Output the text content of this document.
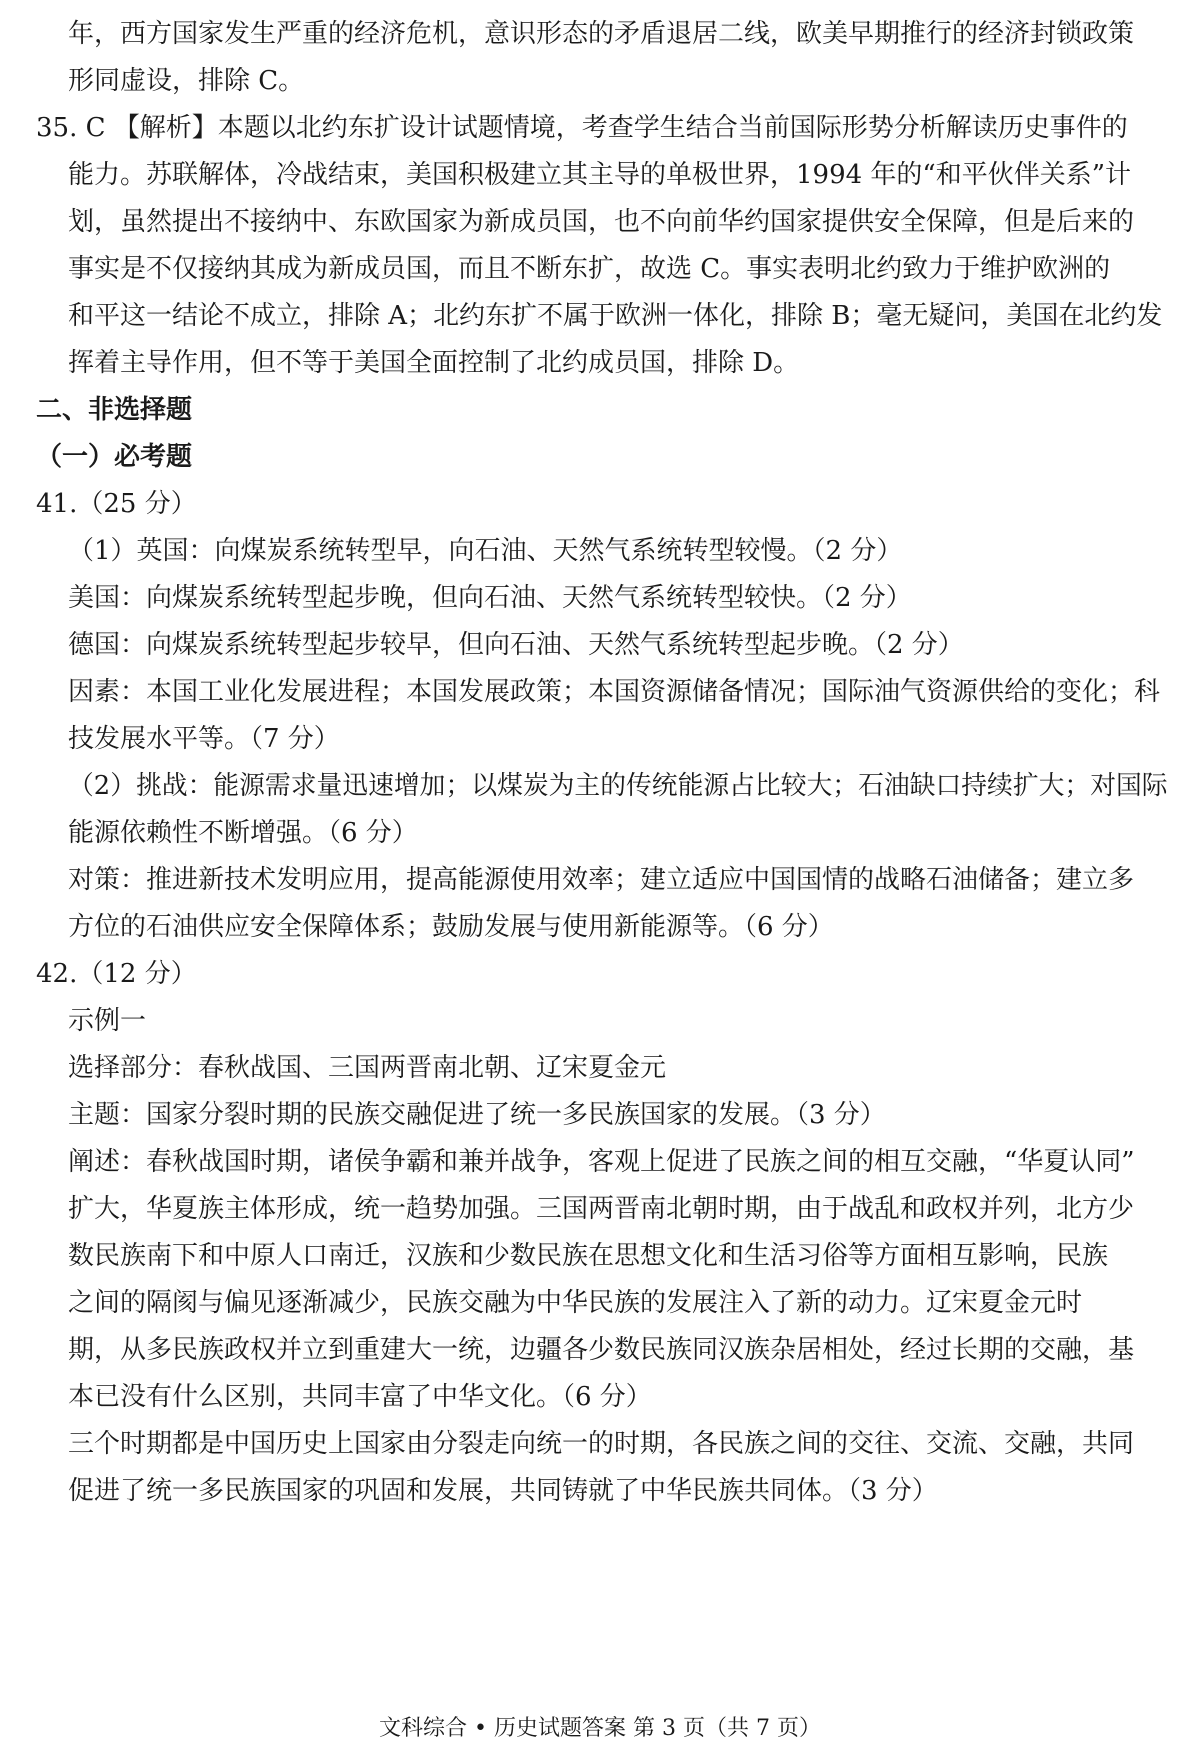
年，西方国家发生严重的经济危机，意识形态的矛盾退居二线，欧美早期推行的经济封锁政策
形同虚设，排除 C。
35. C 【解析】本题以北约东扩设计试题情境，考查学生结合当前国际形势分析解读历史事件的
能力。苏联解体，冷战结束，美国积极建立其主导的单极世界，1994 年的“和平伙伴关系”计
划，虽然提出不接纳中、东欧国家为新成员国，也不向前华约国家提供安全保障，但是后来的
事实是不仅接纳其成为新成员国，而且不断东扩，故选 C。事实表明北约致力于维护欧洲的
和平这一结论不成立，排除 A；北约东扩不属于欧洲一体化，排除 B；毫无疑问，美国在北约发
挥着主导作用，但不等于美国全面控制了北约成员国，排除 D。
二、非选择题
（一）必考题
41.（25 分）
（1）英国：向煤炭系统转型早，向石油、天然气系统转型较慢。（2 分）
美国：向煤炭系统转型起步晚，但向石油、天然气系统转型较快。（2 分）
德国：向煤炭系统转型起步较早，但向石油、天然气系统转型起步晚。（2 分）
因素：本国工业化发展进程；本国发展政策；本国资源储备情况；国际油气资源供给的变化；科
技发展水平等。（7 分）
（2）挑战：能源需求量迅速增加；以煤炭为主的传统能源占比较大；石油缺口持续扩大；对国际
能源依赖性不断增强。（6 分）
对策：推进新技术发明应用，提高能源使用效率；建立适应中国国情的战略石油储备；建立多
方位的石油供应安全保障体系；鼓励发展与使用新能源等。（6 分）
42.（12 分）
示例一
选择部分：春秋战国、三国两晋南北朝、辽宋夏金元
主题：国家分裂时期的民族交融促进了统一多民族国家的发展。（3 分）
阐述：春秋战国时期，诸侯争霸和兼并战争，客观上促进了民族之间的相互交融，“华夏认同”
扩大，华夏族主体形成，统一趋势加强。三国两晋南北朝时期，由于战乱和政权并列，北方少
数民族南下和中原人口南迁，汉族和少数民族在思想文化和生活习俗等方面相互影响，民族
之间的隔阂与偏见逐渐减少，民族交融为中华民族的发展注入了新的动力。辽宋夏金元时
期，从多民族政权并立到重建大一统，边疆各少数民族同汉族杂居相处，经过长期的交融，基
本已没有什么区别，共同丰富了中华文化。（6 分）
三个时期都是中国历史上国家由分裂走向统一的时期，各民族之间的交往、交流、交融，共同
促进了统一多民族国家的巩固和发展，共同铸就了中华民族共同体。（3 分）
文科综合 • 历史试题答案 第 3 页（共 7 页）
